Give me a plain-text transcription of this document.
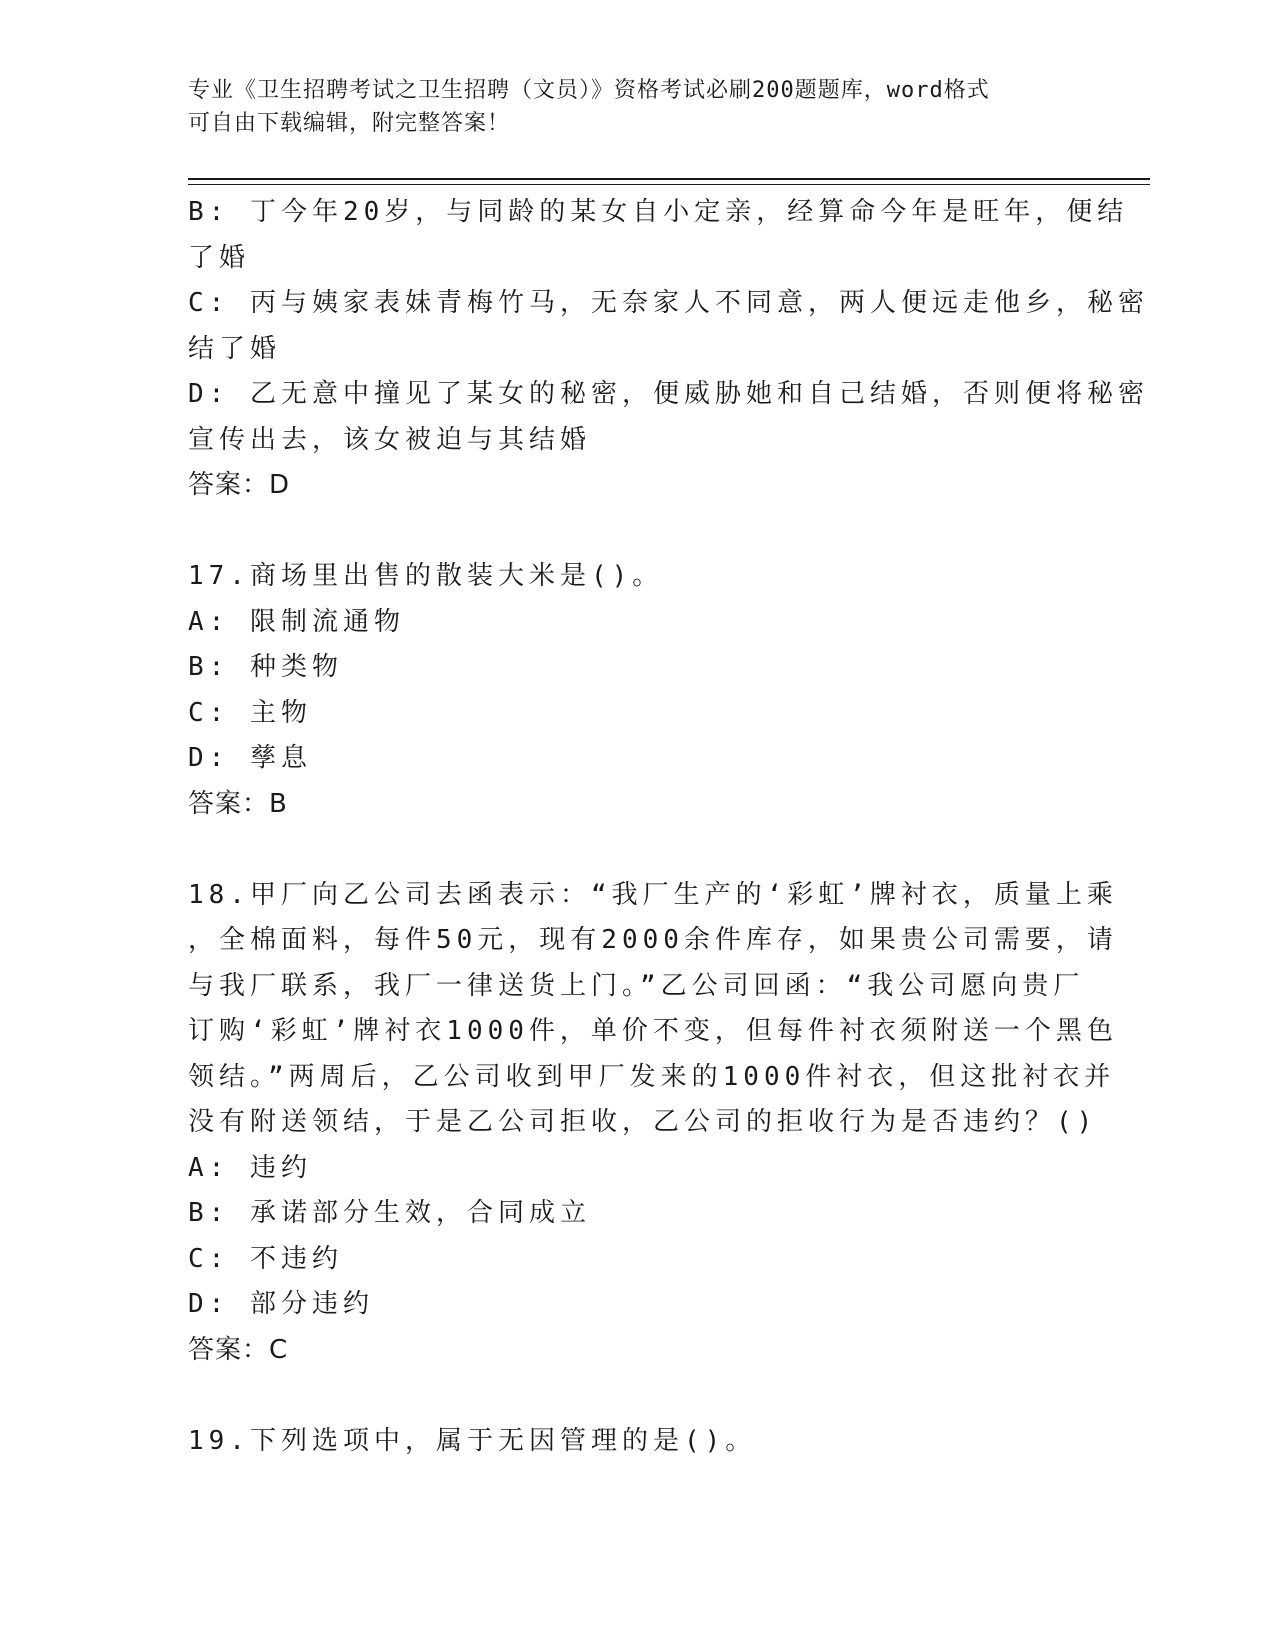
专业《卫生招聘考试之卫生招聘（文员）》资格考试必刷200题题库，word格式
可自由下载编辑，附完整答案！
B: 丁今年20岁，与同龄的某女自小定亲，经算命今年是旺年，便结
了婚
C: 丙与姨家表妹青梅竹马，无奈家人不同意，两人便远走他乡，秘密
结了婚
D: 乙无意中撞见了某女的秘密，便威胁她和自己结婚，否则便将秘密
宣传出去，该女被迫与其结婚
答案：D
17.商场里出售的散装大米是()。
A: 限制流通物
B: 种类物
C: 主物
D: 孳息
答案：B
18.甲厂向乙公司去函表示：“我厂生产的‘彩虹’牌衬衣，质量上乘
，全棉面料，每件50元，现有2000余件库存，如果贵公司需要，请
与我厂联系，我厂一律送货上门。”乙公司回函：“我公司愿向贵厂
订购‘彩虹’牌衬衣1000件，单价不变，但每件衬衣须附送一个黑色
领结。”两周后，乙公司收到甲厂发来的1000件衬衣，但这批衬衣并
没有附送领结，于是乙公司拒收，乙公司的拒收行为是否违约？()
A: 违约
B: 承诺部分生效，合同成立
C: 不违约
D: 部分违约
答案：C
19.下列选项中，属于无因管理的是()。
